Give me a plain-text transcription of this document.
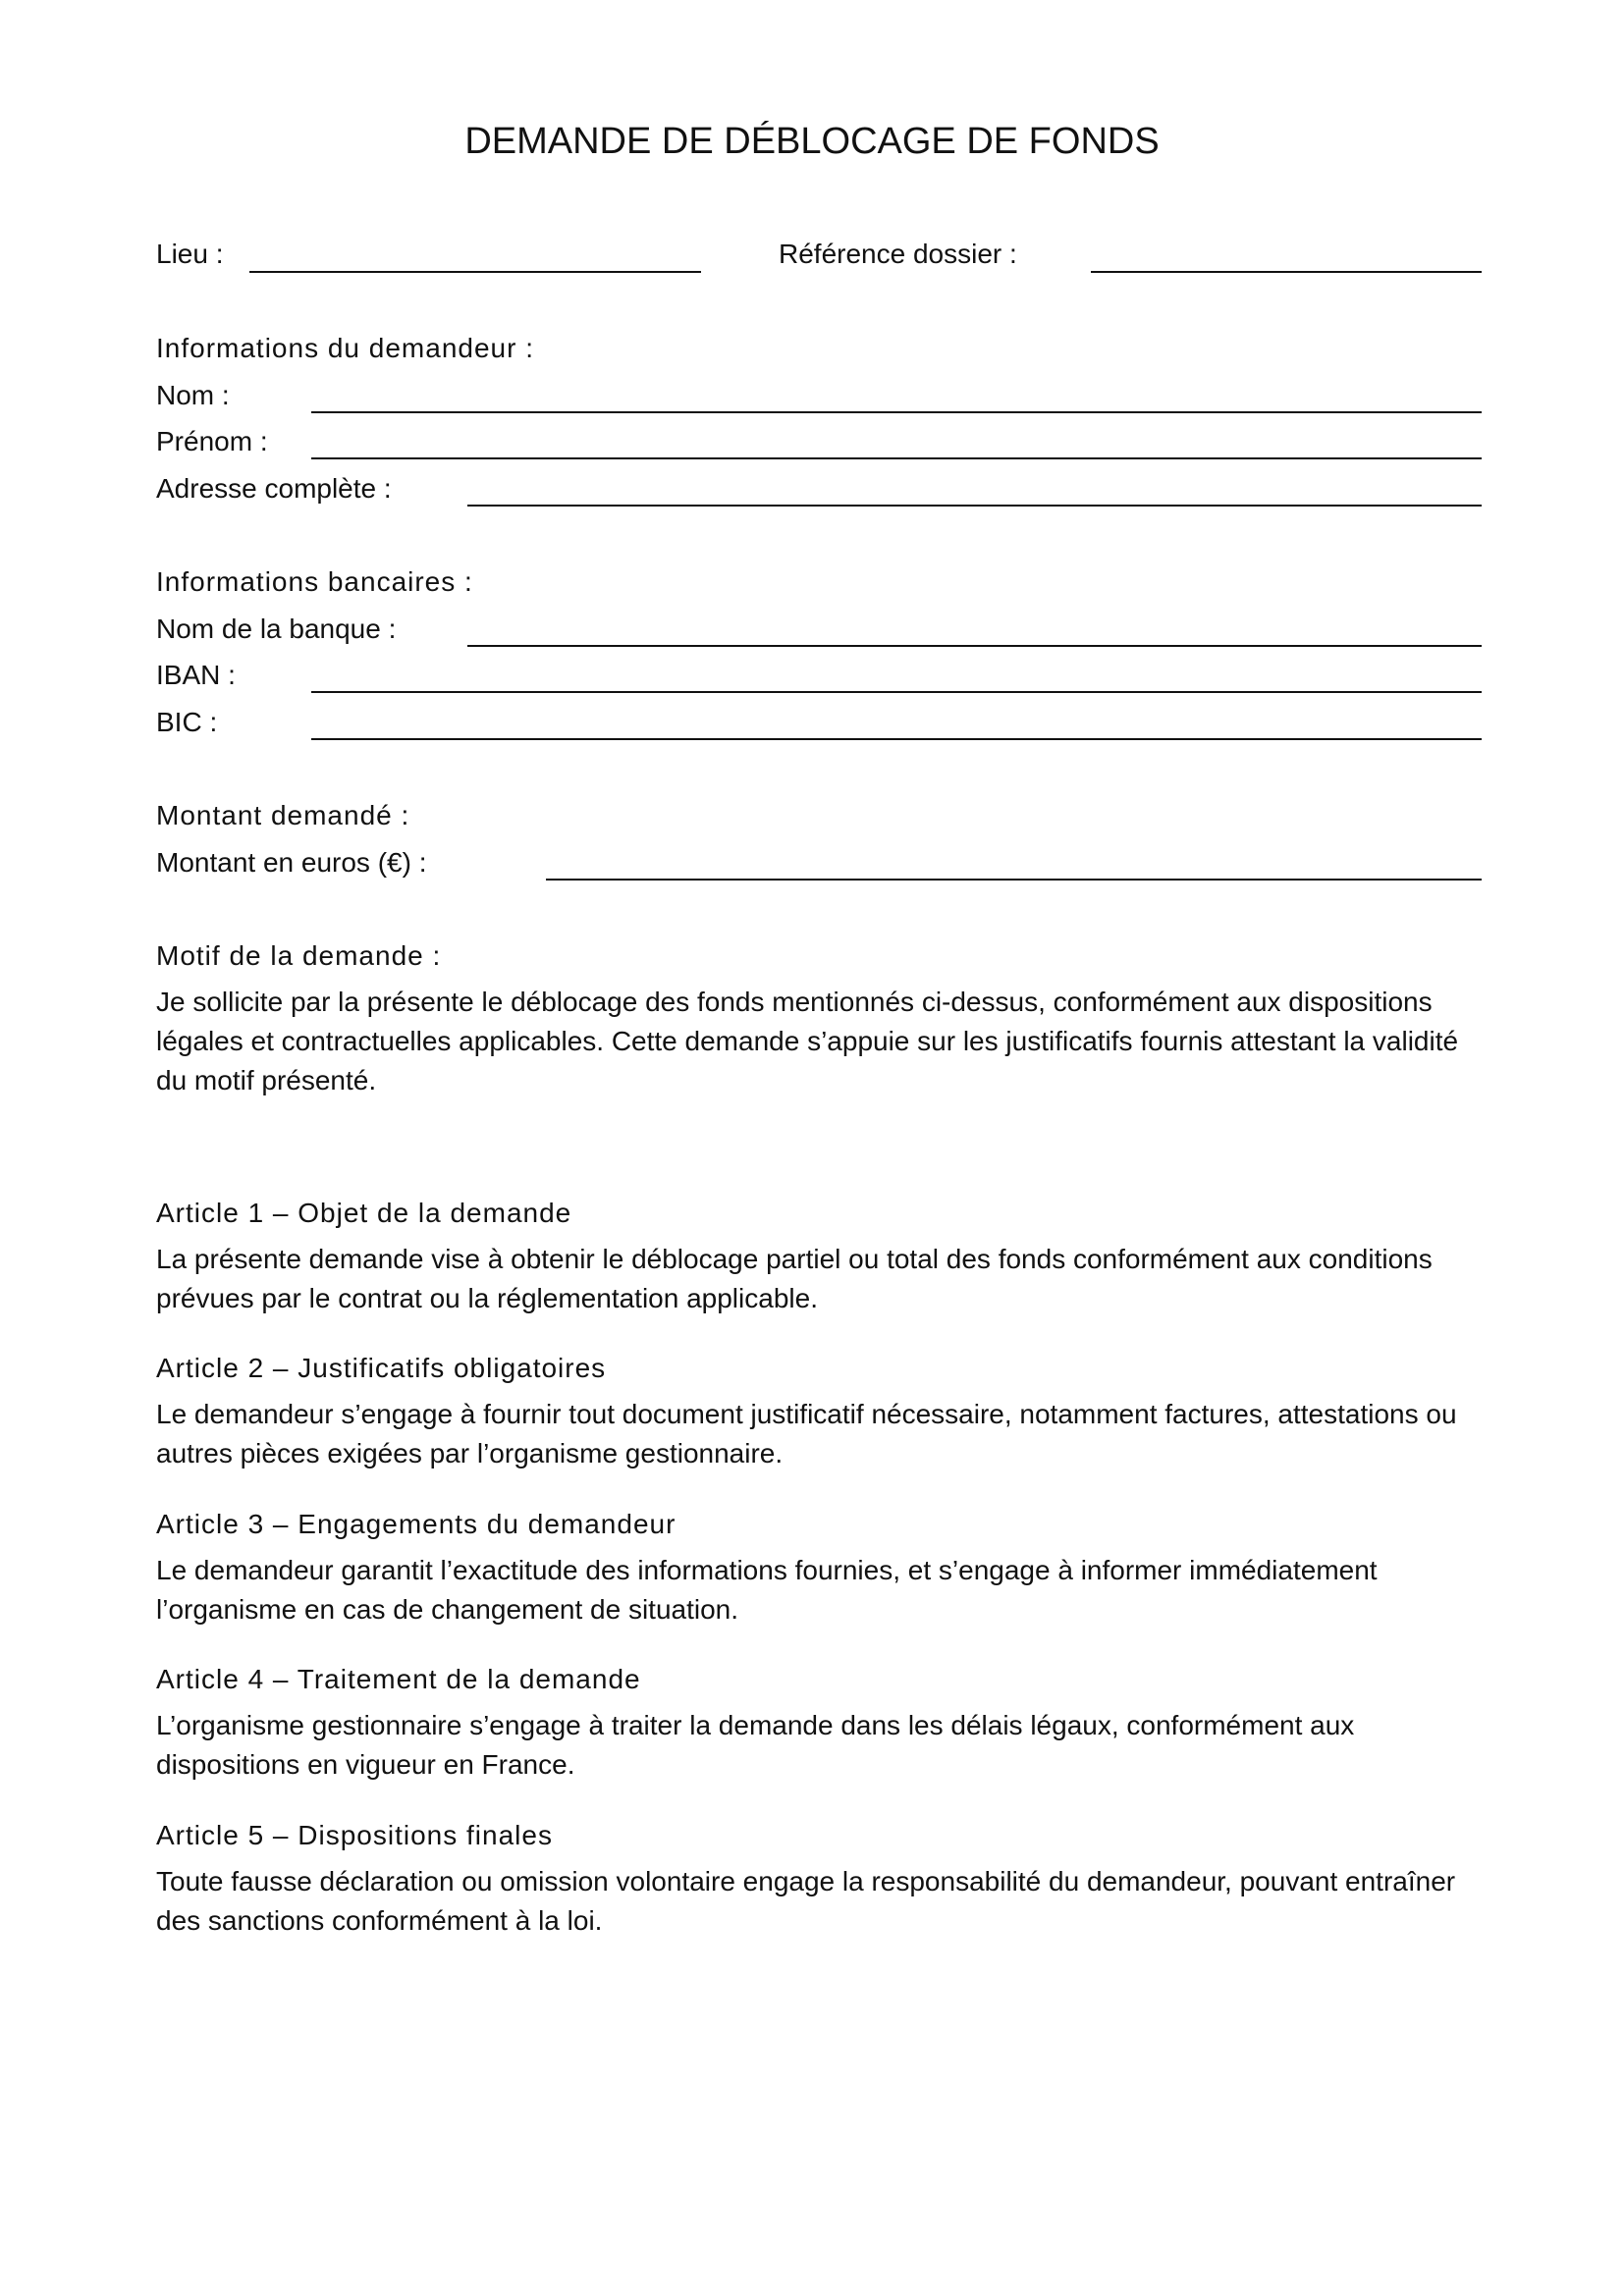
DEMANDE DE DÉBLOCAGE DE FONDS
Lieu :	Référence dossier :
Informations du demandeur :
Nom :
Prénom :
Adresse complète :
Informations bancaires :
Nom de la banque :
IBAN :
BIC :
Montant demandé :
Montant en euros (€) :
Motif de la demande :

Je sollicite par la présente le déblocage des fonds mentionnés ci-dessus, conformément aux dispositions légales et contractuelles applicables. Cette demande s’appuie sur les justificatifs fournis attestant la validité du motif présenté.

Article 1 – Objet de la demande

La présente demande vise à obtenir le déblocage partiel ou total des fonds conformément aux conditions prévues par le contrat ou la réglementation applicable.

Article 2 – Justificatifs obligatoires

Le demandeur s’engage à fournir tout document justificatif nécessaire, notamment factures, attestations ou autres pièces exigées par l’organisme gestionnaire.

Article 3 – Engagements du demandeur

Le demandeur garantit l’exactitude des informations fournies, et s’engage à informer immédiatement l’organisme en cas de changement de situation.

Article 4 – Traitement de la demande

L’organisme gestionnaire s’engage à traiter la demande dans les délais légaux, conformément aux dispositions en vigueur en France.

Article 5 – Dispositions finales

Toute fausse déclaration ou omission volontaire engage la responsabilité du demandeur, pouvant entraîner des sanctions conformément à la loi.
